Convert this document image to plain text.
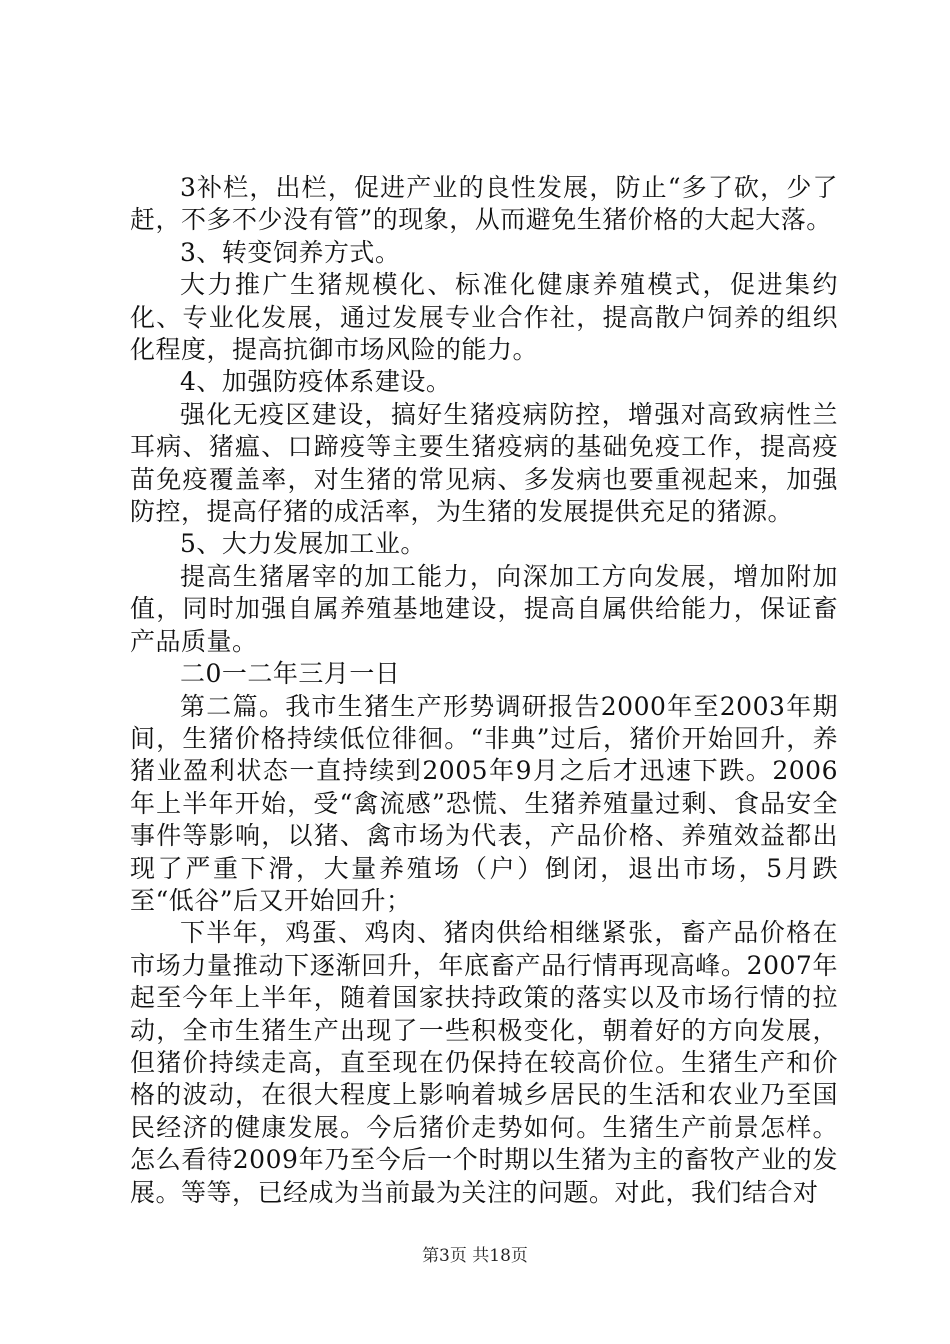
3补栏，出栏，促进产业的良性发展，防止“多了砍，少了赶，不多不少没有管”的现象，从而避免生猪价格的大起大落。

3、转变饲养方式。

大力推广生猪规模化、标准化健康养殖模式，促进集约化、专业化发展，通过发展专业合作社，提高散户饲养的组织化程度，提高抗御市场风险的能力。

4、加强防疫体系建设。

强化无疫区建设，搞好生猪疫病防控，增强对高致病性兰耳病、猪瘟、口蹄疫等主要生猪疫病的基础免疫工作，提高疫苗免疫覆盖率，对生猪的常见病、多发病也要重视起来，加强防控，提高仔猪的成活率，为生猪的发展提供充足的猪源。

5、大力发展加工业。

提高生猪屠宰的加工能力，向深加工方向发展，增加附加值，同时加强自属养殖基地建设，提高自属供给能力，保证畜产品质量。

二0一二年三月一日

第二篇。我市生猪生产形势调研报告2000年至2003年期间，生猪价格持续低位徘徊。“非典”过后，猪价开始回升，养猪业盈利状态一直持续到2005年9月之后才迅速下跌。2006年上半年开始，受“禽流感”恐慌、生猪养殖量过剩、食品安全事件等影响，以猪、禽市场为代表，产品价格、养殖效益都出现了严重下滑，大量养殖场（户）倒闭，退出市场，5月跌至“低谷”后又开始回升；

下半年，鸡蛋、鸡肉、猪肉供给相继紧张，畜产品价格在市场力量推动下逐渐回升，年底畜产品行情再现高峰。2007年起至今年上半年，随着国家扶持政策的落实以及市场行情的拉动，全市生猪生产出现了一些积极变化，朝着好的方向发展，但猪价持续走高，直至现在仍保持在较高价位。生猪生产和价格的波动，在很大程度上影响着城乡居民的生活和农业乃至国民经济的健康发展。今后猪价走势如何。生猪生产前景怎样。怎么看待2009年乃至今后一个时期以生猪为主的畜牧产业的发展。等等，已经成为当前最为关注的问题。对此，我们结合对

第3页 共18页
